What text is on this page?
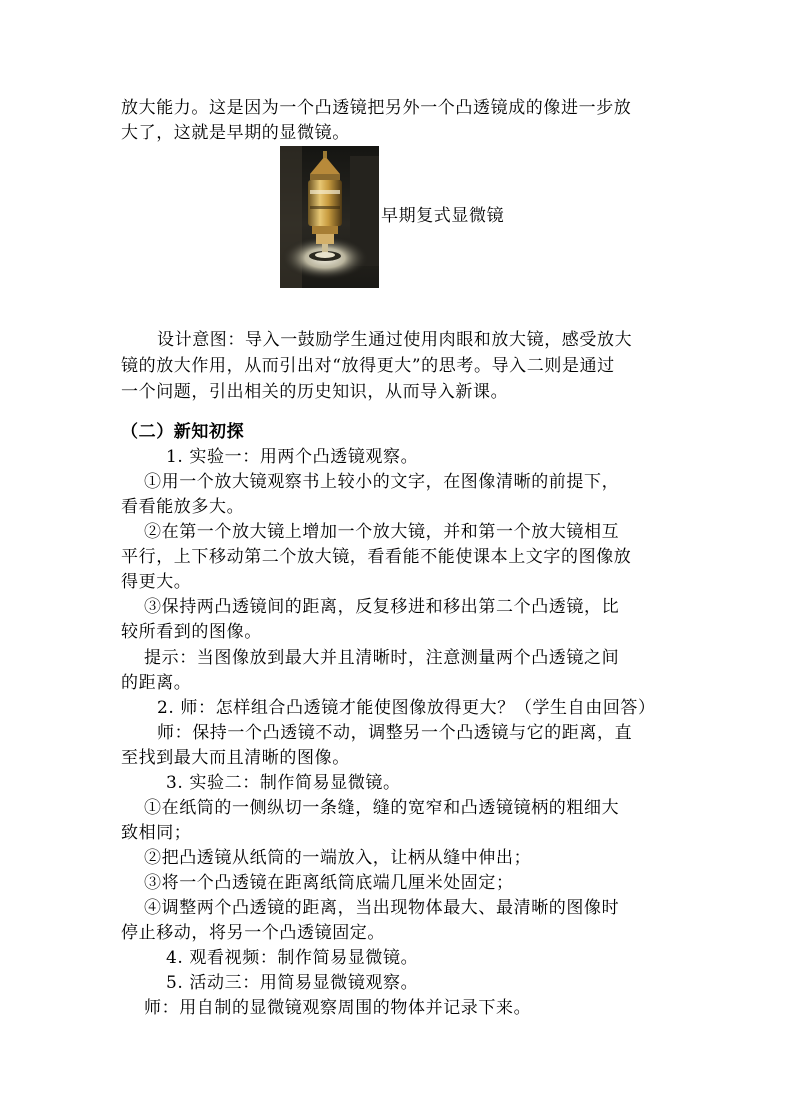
放大能力。这是因为一个凸透镜把另外一个凸透镜成的像进一步放
大了，这就是早期的显微镜。
早期复式显微镜
设计意图：导入一鼓励学生通过使用肉眼和放大镜，感受放大
镜的放大作用，从而引出对“放得更大”的思考。导入二则是通过
一个问题，引出相关的历史知识，从而导入新课。
（二）新知初探
1. 实验一：用两个凸透镜观察。
①用一个放大镜观察书上较小的文字，在图像清晰的前提下，
看看能放多大。
②在第一个放大镜上增加一个放大镜，并和第一个放大镜相互
平行，上下移动第二个放大镜，看看能不能使课本上文字的图像放
得更大。
③保持两凸透镜间的距离，反复移进和移出第二个凸透镜，比
较所看到的图像。
提示：当图像放到最大并且清晰时，注意测量两个凸透镜之间
的距离。
2. 师：怎样组合凸透镜才能使图像放得更大？（学生自由回答）
师：保持一个凸透镜不动，调整另一个凸透镜与它的距离，直
至找到最大而且清晰的图像。
3. 实验二：制作简易显微镜。
①在纸筒的一侧纵切一条缝，缝的宽窄和凸透镜镜柄的粗细大
致相同；
②把凸透镜从纸筒的一端放入，让柄从缝中伸出；
③将一个凸透镜在距离纸筒底端几厘米处固定；
④调整两个凸透镜的距离，当出现物体最大、最清晰的图像时
停止移动，将另一个凸透镜固定。
4. 观看视频：制作简易显微镜。
5. 活动三：用简易显微镜观察。
师：用自制的显微镜观察周围的物体并记录下来。
